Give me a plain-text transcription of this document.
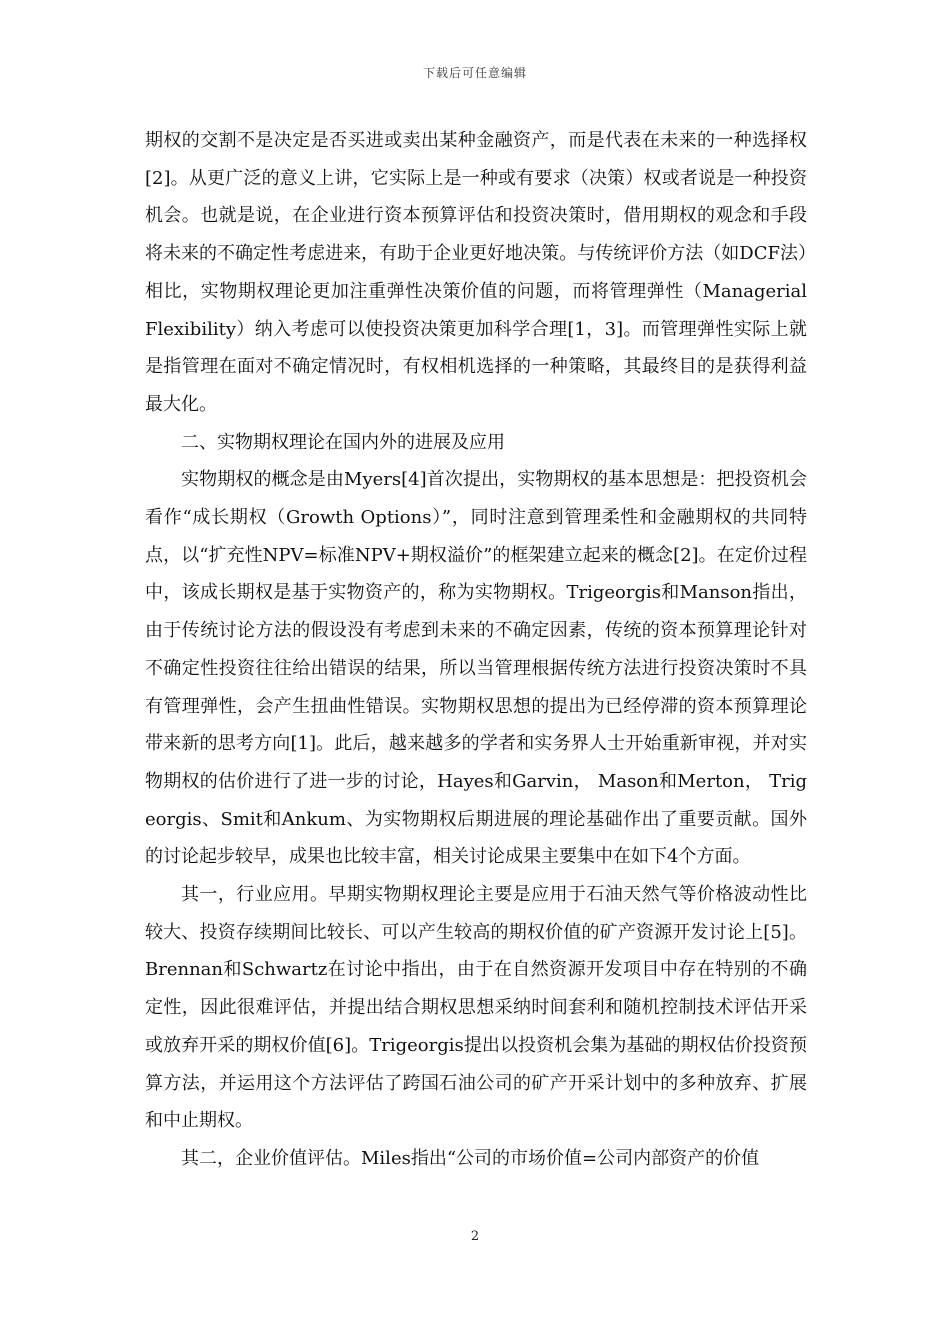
下载后可任意编辑

期权的交割不是决定是否买进或卖出某种金融资产，而是代表在未来的一种选择权[2]。从更广泛的意义上讲，它实际上是一种或有要求（决策）权或者说是一种投资机会。也就是说，在企业进行资本预算评估和投资决策时，借用期权的观念和手段将未来的不确定性考虑进来，有助于企业更好地决策。与传统评价方法（如DCF法）相比，实物期权理论更加注重弹性决策价值的问题，而将管理弹性（Managerial Flexibility）纳入考虑可以使投资决策更加科学合理[1，3]。而管理弹性实际上就是指管理在面对不确定情况时，有权相机选择的一种策略，其最终目的是获得利益最大化。

二、实物期权理论在国内外的进展及应用

实物期权的概念是由Myers[4]首次提出，实物期权的基本思想是：把投资机会看作“成长期权（Growth Options）”，同时注意到管理柔性和金融期权的共同特点，以“扩充性NPV=标准NPV+期权溢价”的框架建立起来的概念[2]。在定价过程中，该成长期权是基于实物资产的，称为实物期权。Trigeorgis和Manson指出，由于传统讨论方法的假设没有考虑到未来的不确定因素，传统的资本预算理论针对不确定性投资往往给出错误的结果，所以当管理根据传统方法进行投资决策时不具有管理弹性，会产生扭曲性错误。实物期权思想的提出为已经停滞的资本预算理论带来新的思考方向[1]。此后，越来越多的学者和实务界人士开始重新审视，并对实物期权的估价进行了进一步的讨论，Hayes和Garvin， Mason和Merton， Trigeorgis、Smit和Ankum、为实物期权后期进展的理论基础作出了重要贡献。国外的讨论起步较早，成果也比较丰富，相关讨论成果主要集中在如下4个方面。

其一，行业应用。早期实物期权理论主要是应用于石油天然气等价格波动性比较大、投资存续期间比较长、可以产生较高的期权价值的矿产资源开发讨论上[5]。Brennan和Schwartz在讨论中指出，由于在自然资源开发项目中存在特别的不确定性，因此很难评估，并提出结合期权思想采纳时间套利和随机控制技术评估开采或放弃开采的期权价值[6]。Trigeorgis提出以投资机会集为基础的期权估价投资预算方法，并运用这个方法评估了跨国石油公司的矿产开采计划中的多种放弃、扩展和中止期权。

其二，企业价值评估。Miles指出“公司的市场价值=公司内部资产的价值

2
